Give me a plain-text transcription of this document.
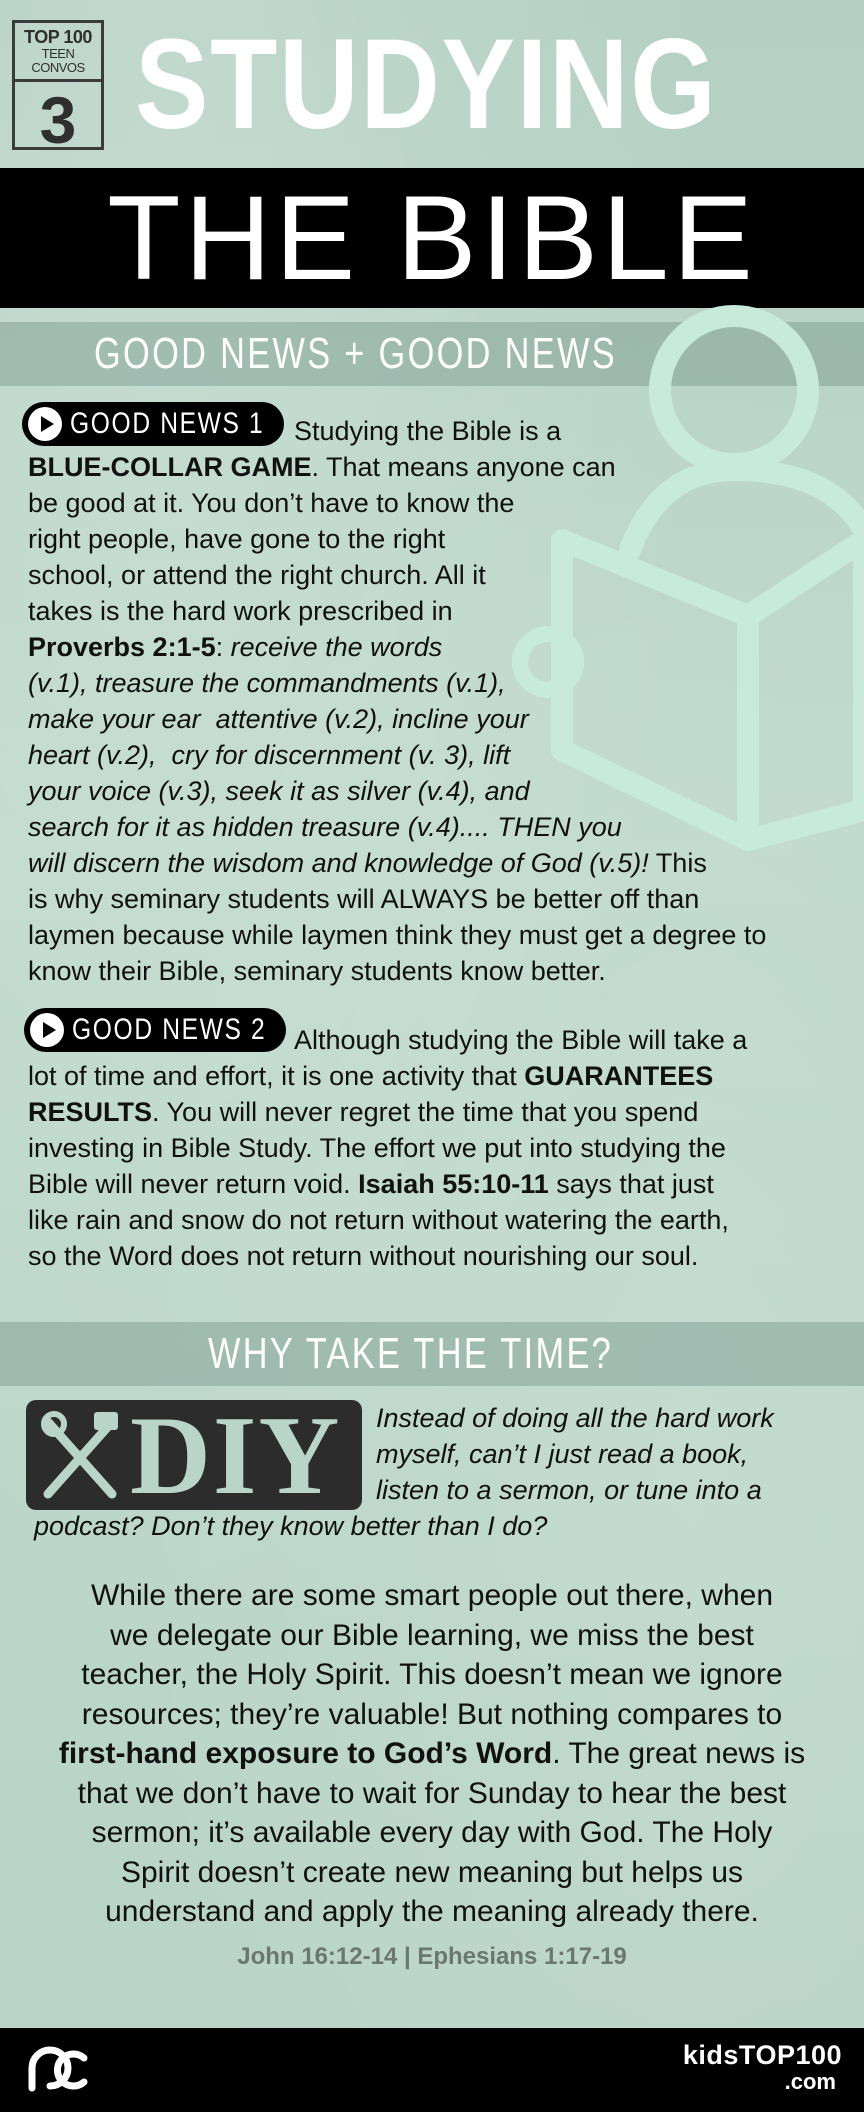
TOP 100
TEEN CONVOS
3 STUDYING
THE BIBLE
GOOD NEWS + GOOD NEWS
GOOD NEWS 1	Studying the Bible is a
BLUE-COLLAR GAME. That means anyone can
be good at it. You don’t have to know the
right people, have gone to the right
school, or attend the right church. All it
takes is the hard work prescribed in
Proverbs 2:1-5: receive the words
(v.1), treasure the commandments (v.1),
make your ear  attentive (v.2), incline your
heart (v.2),  cry for discernment (v. 3), lift
your voice (v.3), seek it as silver (v.4), and
search for it as hidden treasure (v.4).... THEN you
will discern the wisdom and knowledge of God (v.5)! This
is why seminary students will ALWAYS be better off than
laymen because while laymen think they must get a degree to
know their Bible, seminary students know better.
GOOD NEWS 2	Although studying the Bible will take a
lot of time and effort, it is one activity that GUARANTEES
RESULTS. You will never regret the time that you spend
investing in Bible Study. The effort we put into studying the
Bible will never return void. Isaiah 55:10-11 says that just
like rain and snow do not return without watering the earth,
so the Word does not return without nourishing our soul.
WHY TAKE THE TIME?
DIY	Instead of doing all the hard work
myself, can’t I just read a book,
listen to a sermon, or tune into a
podcast? Don’t they know better than I do?
While there are some smart people out there, when
we delegate our Bible learning, we miss the best
teacher, the Holy Spirit. This doesn’t mean we ignore
resources; they’re valuable! But nothing compares to
first-hand exposure to God’s Word. The great news is
that we don’t have to wait for Sunday to hear the best
sermon; it’s available every day with God. The Holy
Spirit doesn’t create new meaning but helps us
understand and apply the meaning already there.
John 16:12-14 | Ephesians 1:17-19
kidsTOP100
.com
